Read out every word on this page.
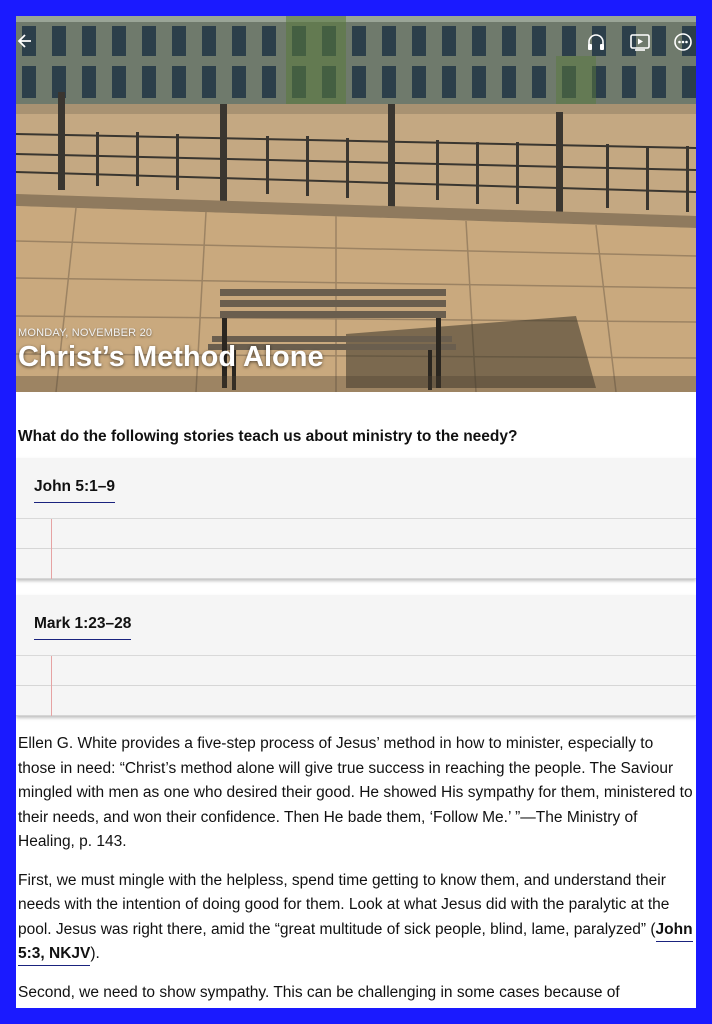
MONDAY, NOVEMBER 20
Christ’s Method Alone
What do the following stories teach us about ministry to the needy?
John 5:1–9
Mark 1:23–28

Ellen G. White provides a five-step process of Jesus’ method in how to minister, especially to those in need: “Christ’s method alone will give true success in reaching the people. The Saviour mingled with men as one who desired their good. He showed His sympathy for them, ministered to their needs, and won their confidence. Then He bade them, ‘Follow Me.’ ”—The Ministry of Healing, p. 143.

First, we must mingle with the helpless, spend time getting to know them, and understand their needs with the intention of doing good for them. Look at what Jesus did with the paralytic at the pool. Jesus was right there, amid the “great multitude of sick people, blind, lame, paralyzed” (John 5:3, NKJV).

Second, we need to show sympathy. This can be challenging in some cases because of
